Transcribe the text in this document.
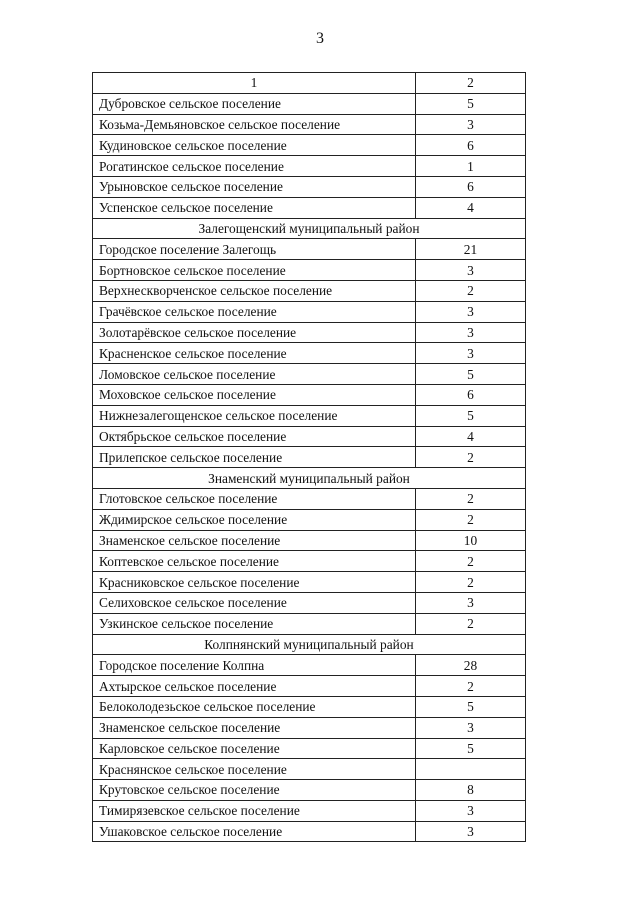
3
1	2
Дубровское сельское поселение	5
Козьма-Демьяновское сельское поселение	3
Кудиновское сельское поселение	6
Рогатинское сельское поселение	1
Урыновское сельское поселение	6
Успенское сельское поселение	4
Залегощенский муниципальный район	
Городское поселение Залегощь	21
Бортновское сельское поселение	3
Верхнескворченское сельское поселение	2
Грачёвское сельское поселение	3
Золотарёвское сельское поселение	3
Красненское сельское поселение	3
Ломовское сельское поселение	5
Моховское сельское поселение	6
Нижнезалегощенское сельское поселение	5
Октябрьское сельское поселение	4
Прилепское сельское поселение	2
Знаменский муниципальный район	
Глотовское сельское поселение	2
Ждимирское сельское поселение	2
Знаменское сельское поселение	10
Коптевское сельское поселение	2
Красниковское сельское поселение	2
Селиховское сельское поселение	3
Узкинское сельское поселение	2
Колпнянский муниципальный район	
Городское поселение Колпна	28
Ахтырское сельское поселение	2
Белоколодезьское сельское поселение	5
Знаменское сельское поселение	3
Карловское сельское поселение	5
Краснянское сельское поселение	
Крутовское сельское поселение	8
Тимирязевское сельское поселение	3
Ушаковское сельское поселение	3
